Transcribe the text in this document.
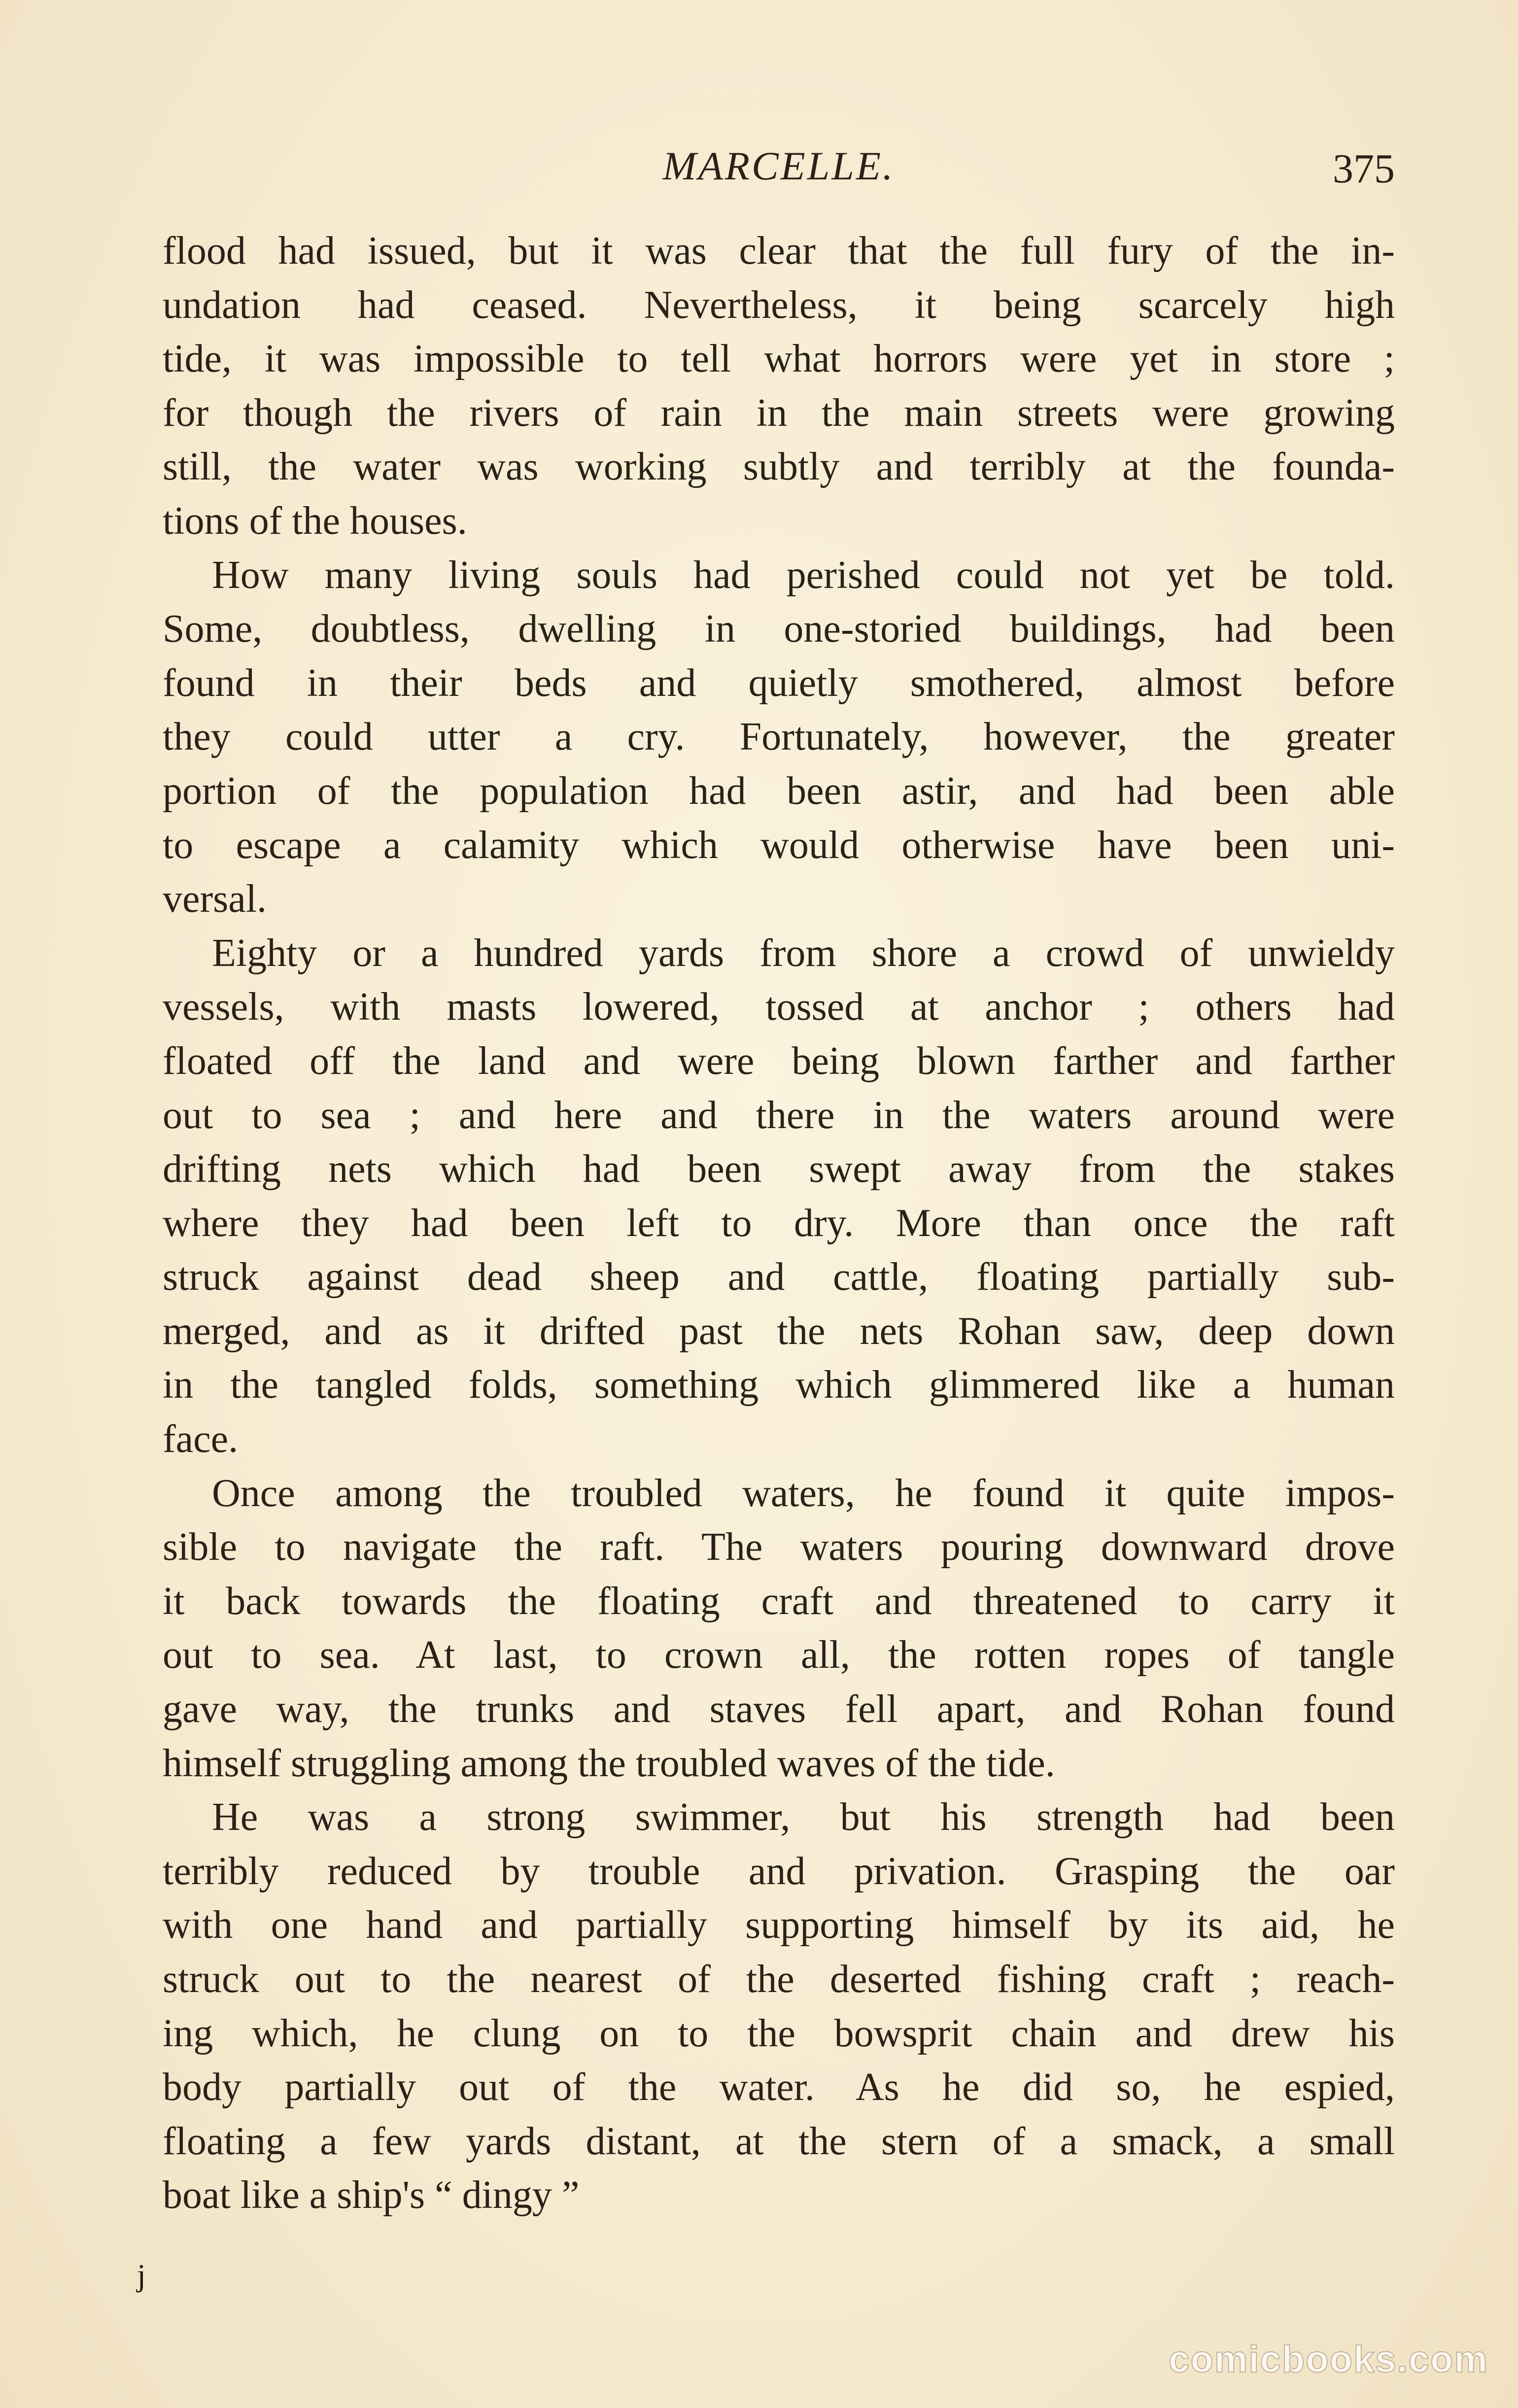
MARCELLE.	375
flood had issued, but it was clear that the full fury of the in-
undation had ceased. Nevertheless, it being scarcely high
tide, it was impossible to tell what horrors were yet in store ;
for though the rivers of rain in the main streets were growing
still, the water was working subtly and terribly at the founda-
tions of the houses.
How many living souls had perished could not yet be told.
Some, doubtless, dwelling in one-storied buildings, had been
found in their beds and quietly smothered, almost before
they could utter a cry. Fortunately, however, the greater
portion of the population had been astir, and had been able
to escape a calamity which would otherwise have been uni-
versal.
Eighty or a hundred yards from shore a crowd of unwieldy
vessels, with masts lowered, tossed at anchor ; others had
floated off the land and were being blown farther and farther
out to sea ; and here and there in the waters around were
drifting nets which had been swept away from the stakes
where they had been left to dry. More than once the raft
struck against dead sheep and cattle, floating partially sub-
merged, and as it drifted past the nets Rohan saw, deep down
in the tangled folds, something which glimmered like a human
face.
Once among the troubled waters, he found it quite impos-
sible to navigate the raft. The waters pouring downward drove
it back towards the floating craft and threatened to carry it
out to sea. At last, to crown all, the rotten ropes of tangle
gave way, the trunks and staves fell apart, and Rohan found
himself struggling among the troubled waves of the tide.
He was a strong swimmer, but his strength had been
terribly reduced by trouble and privation. Grasping the oar
with one hand and partially supporting himself by its aid, he
struck out to the nearest of the deserted fishing craft ; reach-
ing which, he clung on to the bowsprit chain and drew his
body partially out of the water. As he did so, he espied,
floating a few yards distant, at the stern of a smack, a small
boat like a ship's “ dingy ”
j
comicbooks.com
